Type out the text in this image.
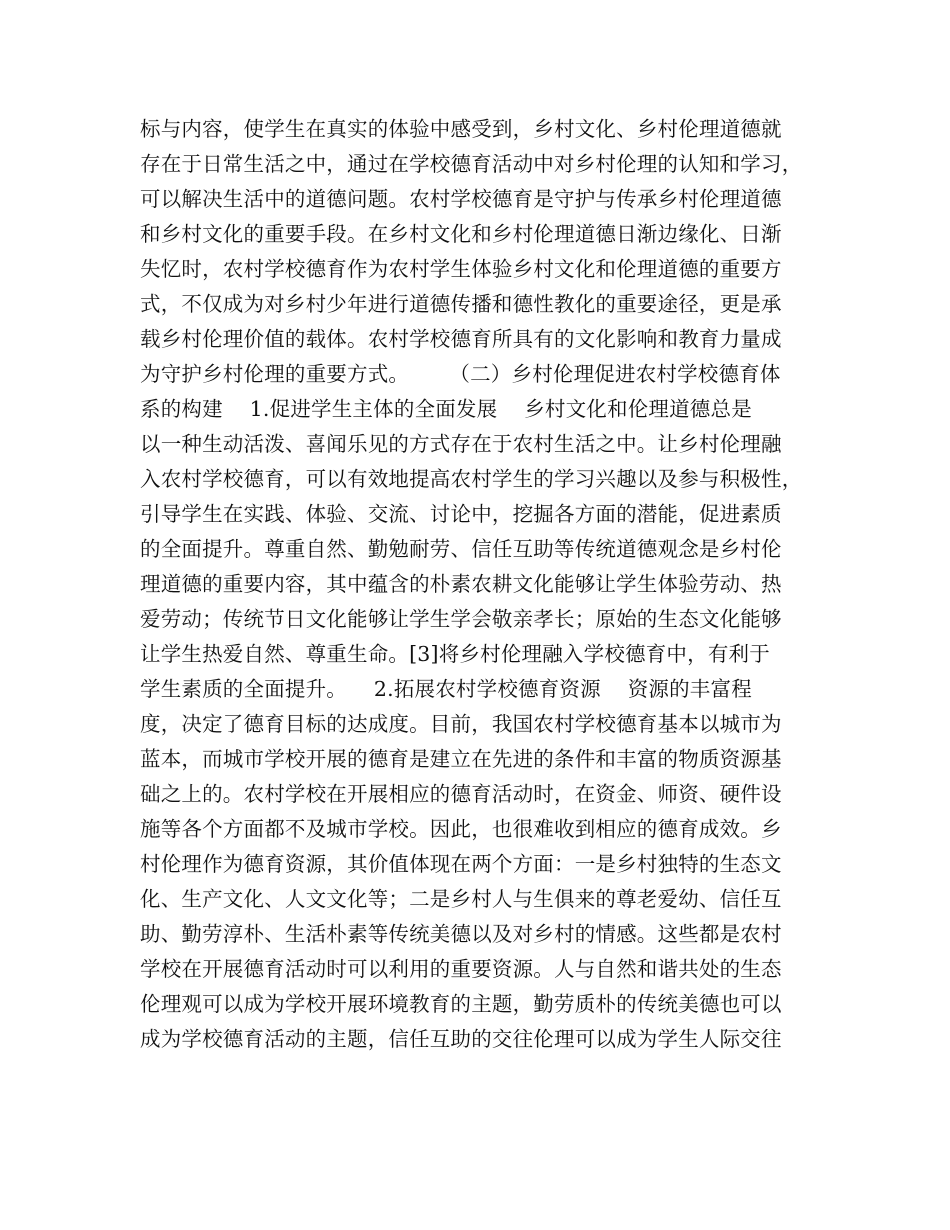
标与内容，使学生在真实的体验中感受到，乡村文化、乡村伦理道德就
存在于日常生活之中，通过在学校德育活动中对乡村伦理的认知和学习，
可以解决生活中的道德问题。农村学校德育是守护与传承乡村伦理道德
和乡村文化的重要手段。在乡村文化和乡村伦理道德日渐边缘化、日渐
失忆时，农村学校德育作为农村学生体验乡村文化和伦理道德的重要方
式，不仅成为对乡村少年进行道德传播和德性教化的重要途径，更是承
载乡村伦理价值的载体。农村学校德育所具有的文化影响和教育力量成
为守护乡村伦理的重要方式。      （二）乡村伦理促进农村学校德育体
系的构建    1.促进学生主体的全面发展    乡村文化和伦理道德总是
以一种生动活泼、喜闻乐见的方式存在于农村生活之中。让乡村伦理融
入农村学校德育，可以有效地提高农村学生的学习兴趣以及参与积极性，
引导学生在实践、体验、交流、讨论中，挖掘各方面的潜能，促进素质
的全面提升。尊重自然、勤勉耐劳、信任互助等传统道德观念是乡村伦
理道德的重要内容，其中蕴含的朴素农耕文化能够让学生体验劳动、热
爱劳动；传统节日文化能够让学生学会敬亲孝长；原始的生态文化能够
让学生热爱自然、尊重生命。[3]将乡村伦理融入学校德育中，有利于
学生素质的全面提升。    2.拓展农村学校德育资源    资源的丰富程
度，决定了德育目标的达成度。目前，我国农村学校德育基本以城市为
蓝本，而城市学校开展的德育是建立在先进的条件和丰富的物质资源基
础之上的。农村学校在开展相应的德育活动时，在资金、师资、硬件设
施等各个方面都不及城市学校。因此，也很难收到相应的德育成效。乡
村伦理作为德育资源，其价值体现在两个方面：一是乡村独特的生态文
化、生产文化、人文文化等；二是乡村人与生俱来的尊老爱幼、信任互
助、勤劳淳朴、生活朴素等传统美德以及对乡村的情感。这些都是农村
学校在开展德育活动时可以利用的重要资源。人与自然和谐共处的生态
伦理观可以成为学校开展环境教育的主题，勤劳质朴的传统美德也可以
成为学校德育活动的主题，信任互助的交往伦理可以成为学生人际交往
